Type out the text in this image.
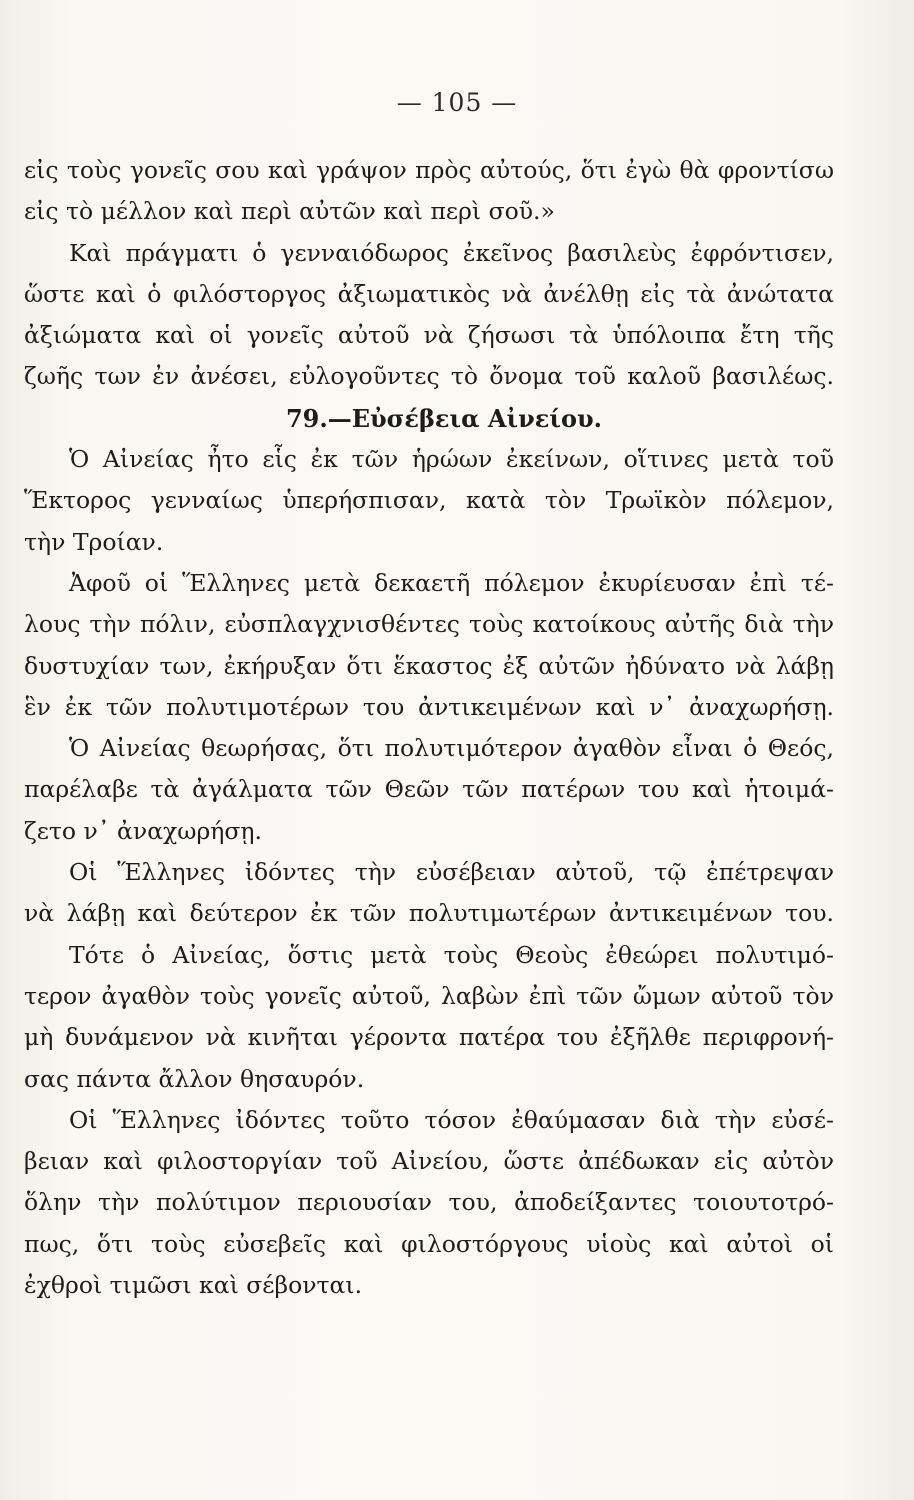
— 105 —
εἰς τοὺς γονεῖς σου καὶ γράψον πρὸς αὐτούς, ὅτι ἐγὼ θὰ φροντίσω
εἰς τὸ μέλλον καὶ περὶ αὐτῶν καὶ περὶ σοῦ.»
Καὶ πράγματι ὁ γενναιόδωρος ἐκεῖνος βασιλεὺς ἐφρόντισεν,
ὥστε καὶ ὁ φιλόστοργος ἀξιωματικὸς νὰ ἀνέλθῃ εἰς τὰ ἀνώτατα
ἀξιώματα καὶ οἱ γονεῖς αὐτοῦ νὰ ζήσωσι τὰ ὑπόλοιπα ἔτη τῆς
ζωῆς των ἐν ἀνέσει, εὐλογοῦντες τὸ ὄνομα τοῦ καλοῦ βασιλέως.
79.—Εὐσέβεια Αἰνείου.
Ὁ Αἰνείας ἦτο εἷς ἐκ τῶν ἡρώων ἐκείνων, οἵτινες μετὰ τοῦ
Ἕκτορος γενναίως ὑπερήσπισαν, κατὰ τὸν Τρωϊκὸν πόλεμον,
τὴν Τροίαν.
Ἀφοῦ οἱ Ἕλληνες μετὰ δεκαετῆ πόλεμον ἐκυρίευσαν ἐπὶ τέ-
λους τὴν πόλιν, εὐσπλαγχνισθέντες τοὺς κατοίκους αὐτῆς διὰ τὴν
δυστυχίαν των, ἐκήρυξαν ὅτι ἕκαστος ἐξ αὐτῶν ἠδύνατο νὰ λάβῃ
ἓν ἐκ τῶν πολυτιμοτέρων του ἀντικειμένων καὶ ν᾽ ἀναχωρήσῃ.
Ὁ Αἰνείας θεωρήσας, ὅτι πολυτιμότερον ἀγαθὸν εἶναι ὁ Θεός,
παρέλαβε τὰ ἀγάλματα τῶν Θεῶν τῶν πατέρων του καὶ ἡτοιμά-
ζετο ν᾽ ἀναχωρήσῃ.
Οἱ Ἕλληνες ἰδόντες τὴν εὐσέβειαν αὐτοῦ, τῷ ἐπέτρεψαν
νὰ λάβῃ καὶ δεύτερον ἐκ τῶν πολυτιμωτέρων ἀντικειμένων του.
Τότε ὁ Αἰνείας, ὅστις μετὰ τοὺς Θεοὺς ἐθεώρει πολυτιμό-
τερον ἀγαθὸν τοὺς γονεῖς αὐτοῦ, λαβὼν ἐπὶ τῶν ὤμων αὐτοῦ τὸν
μὴ δυνάμενον νὰ κινῆται γέροντα πατέρα του ἐξῆλθε περιφρονή-
σας πάντα ἄλλον θησαυρόν.
Οἱ Ἕλληνες ἰδόντες τοῦτο τόσον ἐθαύμασαν διὰ τὴν εὐσέ-
βειαν καὶ φιλοστοργίαν τοῦ Αἰνείου, ὥστε ἀπέδωκαν εἰς αὐτὸν
ὅλην τὴν πολύτιμον περιουσίαν του, ἀποδείξαντες τοιουτοτρό-
πως, ὅτι τοὺς εὐσεβεῖς καὶ φιλοστόργους υἱοὺς καὶ αὐτοὶ οἱ
ἐχθροὶ τιμῶσι καὶ σέβονται.
